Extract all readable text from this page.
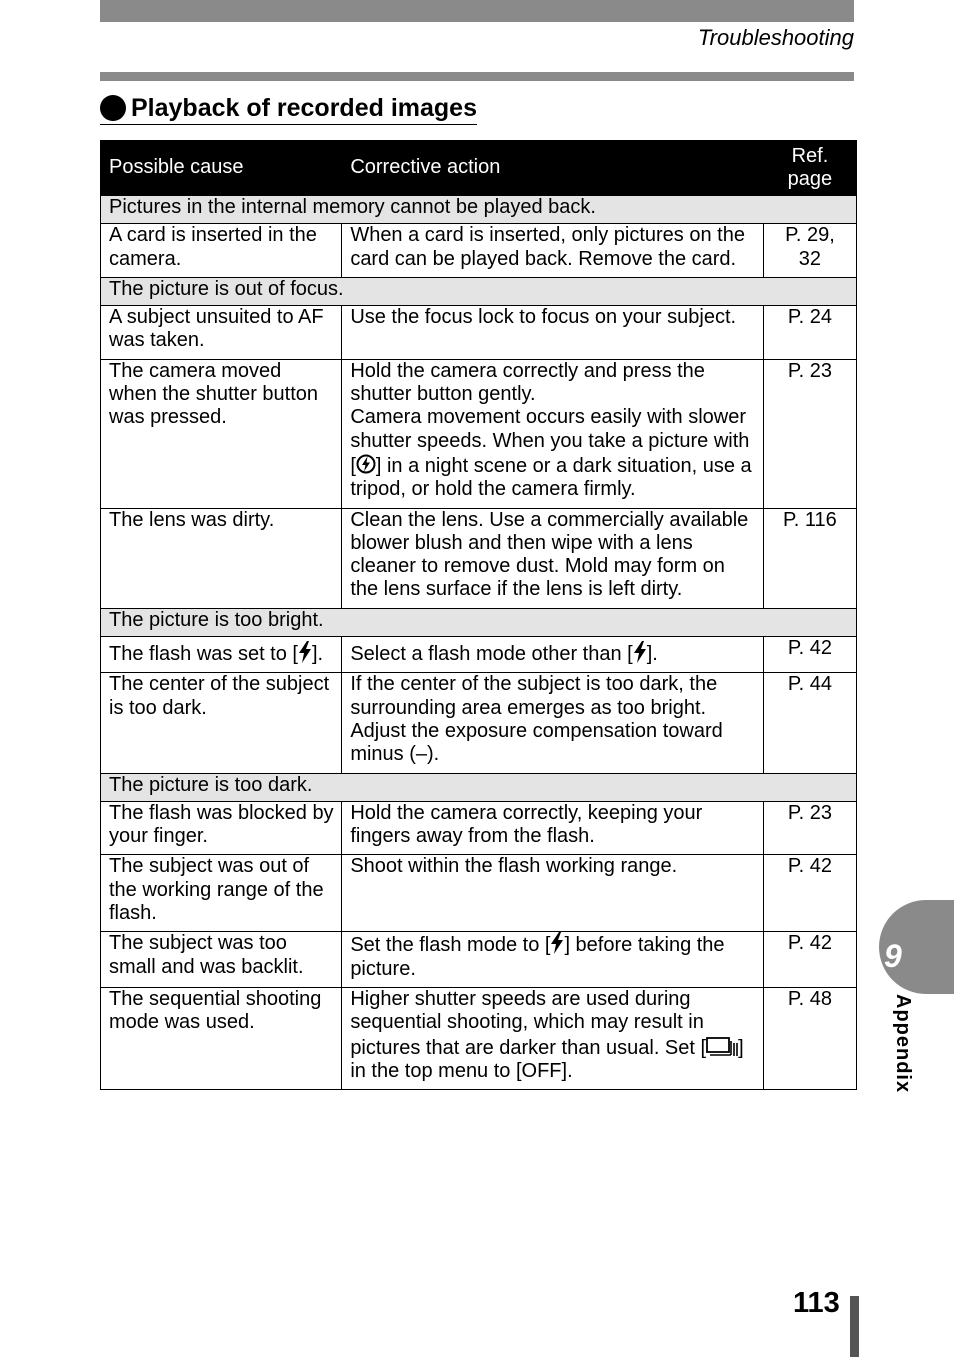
Troubleshooting
Playback of recorded images
Possible cause	Corrective action	Ref.
page
Pictures in the internal memory cannot be played back.		
A card is inserted in the camera.	When a card is inserted, only pictures on the card can be played back. Remove the card.	P. 29,
32
The picture is out of focus.		
A subject unsuited to AF was taken.	Use the focus lock to focus on your subject.	P. 24
The camera moved when the shutter button was pressed.	Hold the camera correctly and press the shutter button gently.
Camera movement occurs easily with slower shutter speeds. When you take a picture with [ ] in a night scene or a dark situation, use a tripod, or hold the camera firmly.	P. 23
The lens was dirty.	Clean the lens. Use a commercially available blower blush and then wipe with a lens cleaner to remove dust. Mold may form on the lens surface if the lens is left dirty.	P. 116
The picture is too bright.		
The flash was set to [ ].	Select a flash mode other than [ ].	P. 42
The center of the subject is too dark.	If the center of the subject is too dark, the surrounding area emerges as too bright. Adjust the exposure compensation toward minus (–).	P. 44
The picture is too dark.		
The flash was blocked by your finger.	Hold the camera correctly, keeping your fingers away from the flash.	P. 23
The subject was out of the working range of the flash.	Shoot within the flash working range.	P. 42
The subject was too small and was backlit.	Set the flash mode to [ ] before taking the picture.	P. 42
The sequential shooting mode was used.	Higher shutter speeds are used during sequential shooting, which may result in pictures that are darker than usual. Set [ ] in the top menu to [OFF].	P. 48
9
Appendix
113
